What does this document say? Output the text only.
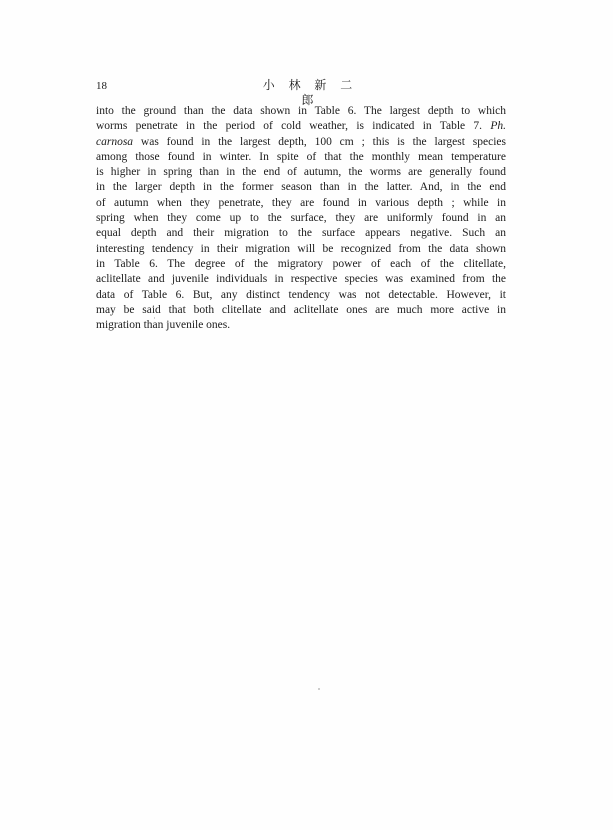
18	小 林 新 二 郎
into the ground than the data shown in Table 6. The largest depth to which
worms penetrate in the period of cold weather, is indicated in Table 7. Ph.
carnosa was found in the largest depth, 100 cm ; this is the largest species
among those found in winter. In spite of that the monthly mean temperature
is higher in spring than in the end of autumn, the worms are generally found
in the larger depth in the former season than in the latter. And, in the end
of autumn when they penetrate, they are found in various depth ; while in
spring when they come up to the surface, they are uniformly found in an
equal depth and their migration to the surface appears negative. Such an
interesting tendency in their migration will be recognized from the data shown
in Table 6. The degree of the migratory power of each of the clitellate,
aclitellate and juvenile individuals in respective species was examined from the
data of Table 6. But, any distinct tendency was not detectable. However, it
may be said that both clitellate and aclitellate ones are much more active in
migration than juvenile ones.
